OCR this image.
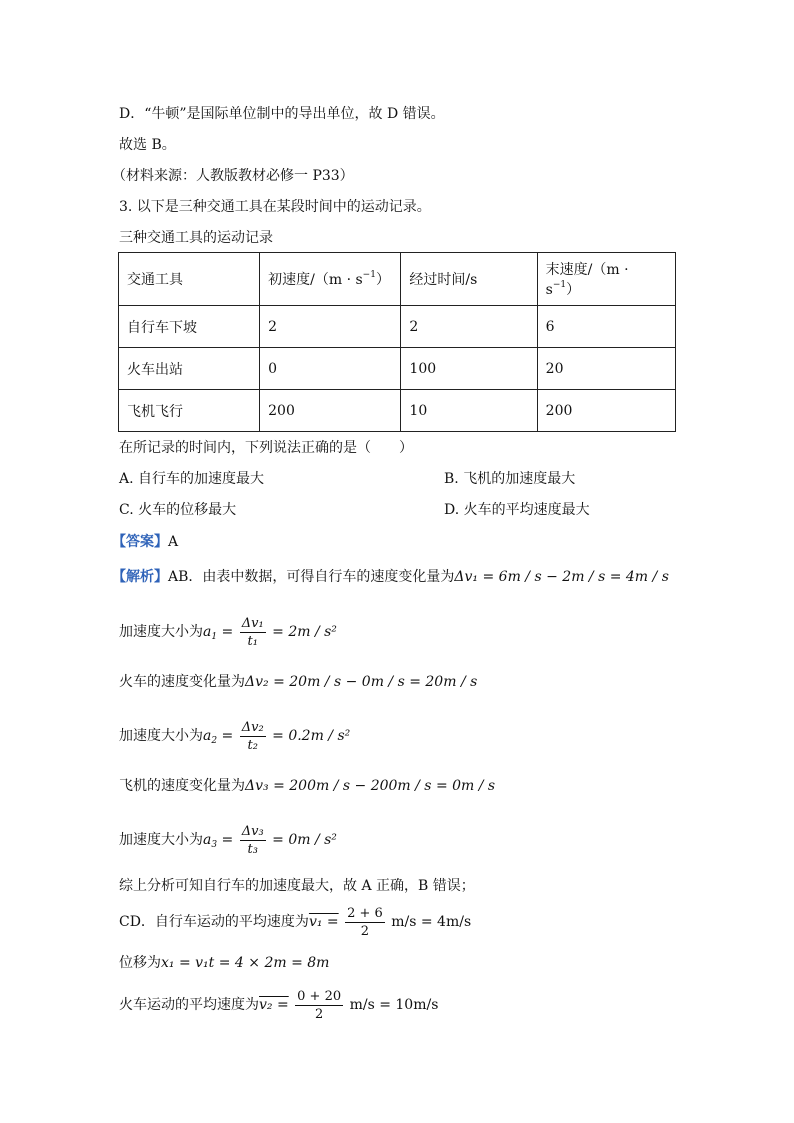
D．“牛顿”是国际单位制中的导出单位，故 D 错误。
故选 B。
（材料来源：人教版教材必修一 P33）
3. 以下是三种交通工具在某段时间中的运动记录。
三种交通工具的运动记录
交通工具	初速度$/(m \cdot s^{-1})$	经过时间/s	末速度$/(m \cdot s^{-1})$
自行车下坡	2	2	6
火车出站	0	100	20
飞机飞行	200	10	200
在所记录的时间内，下列说法正确的是（　　）
A. 自行车的加速度最大	B. 飞机的加速度最大
C. 火车的位移最大	D. 火车的平均速度最大
【答案】A
【解析】AB．由表中数据，可得自行车的速度变化量为Δv₁ = 6m / s − 2m / s = 4m / s
加速度大小为$a_1 = \frac{\text{Δv₁}}{\text{t₁}} = 2m / s^2$
火车的速度变化量为Δv₂ = 20m / s − 0m / s = 20m / s
加速度大小为$a_2 = \frac{\text{Δv₂}}{\text{t₂}} = 0.2m / s^2$
飞机的速度变化量为Δv₃ = 200m / s − 200m / s = 0m / s
加速度大小为$a_3 = \frac{\text{Δv₃}}{\text{t₃}} = 0m / s^2$
综上分析可知自行车的加速度最大，故 A 正确，B 错误；
CD．自行车运动的平均速度为$v_1 = \frac{2 + 6}{2} m/s = 4m/s$
位移为x₁ = v₁t = 4 × 2m = 8m
火车运动的平均速度为$v_2 = \frac{0 + 20}{2} m/s = 10m/s$
